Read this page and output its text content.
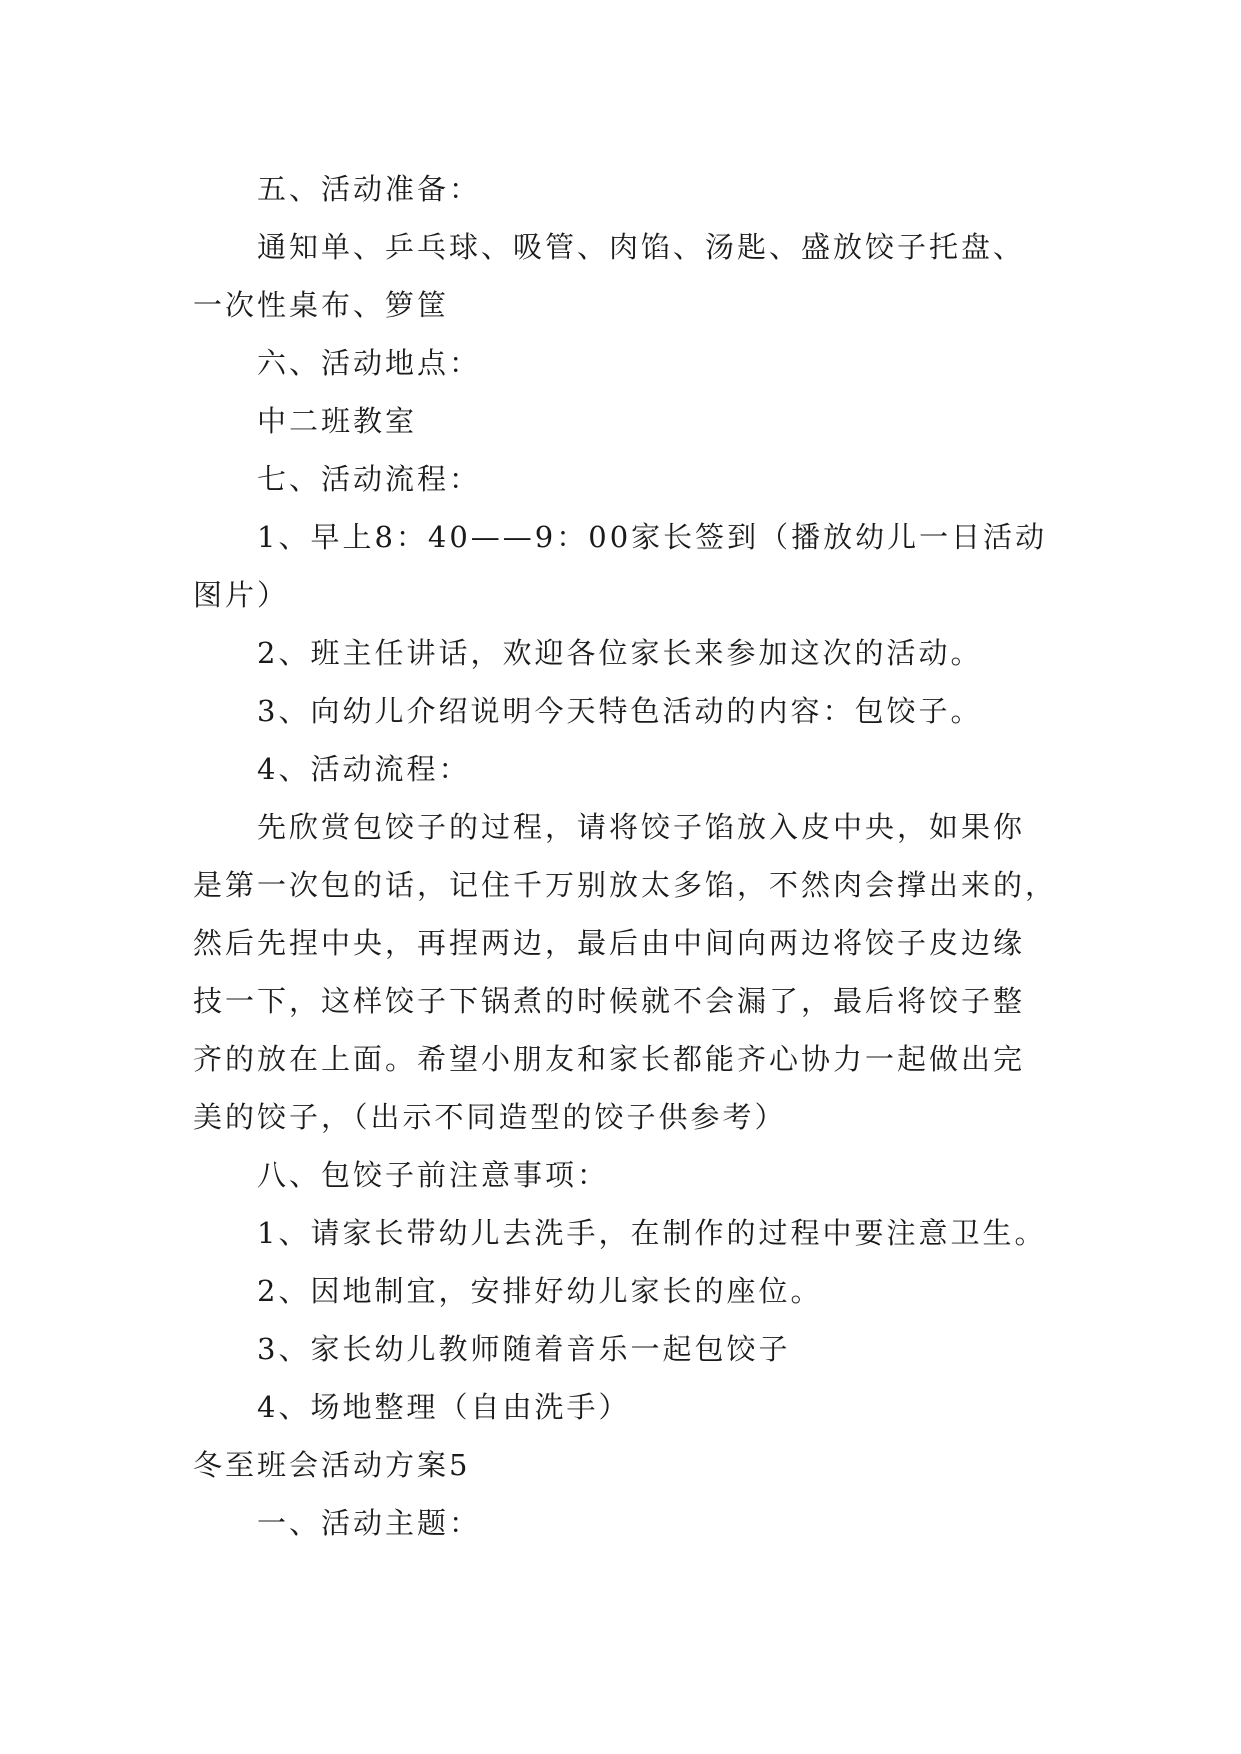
五、活动准备：

通知单、乒乓球、吸管、肉馅、汤匙、盛放饺子托盘、

一次性桌布、箩筐

六、活动地点：

中二班教室

七、活动流程：

1、早上8：40——9：00家长签到（播放幼儿一日活动

图片）

2、班主任讲话，欢迎各位家长来参加这次的活动。

3、向幼儿介绍说明今天特色活动的内容：包饺子。

4、活动流程：

先欣赏包饺子的过程，请将饺子馅放入皮中央，如果你

是第一次包的话，记住千万别放太多馅，不然肉会撑出来的，

然后先捏中央，再捏两边，最后由中间向两边将饺子皮边缘

技一下，这样饺子下锅煮的时候就不会漏了，最后将饺子整

齐的放在上面。希望小朋友和家长都能齐心协力一起做出完

美的饺子，（出示不同造型的饺子供参考）

八、包饺子前注意事项：

1、请家长带幼儿去洗手，在制作的过程中要注意卫生。

2、因地制宜，安排好幼儿家长的座位。

3、家长幼儿教师随着音乐一起包饺子

4、场地整理（自由洗手）

冬至班会活动方案5

一、活动主题：
